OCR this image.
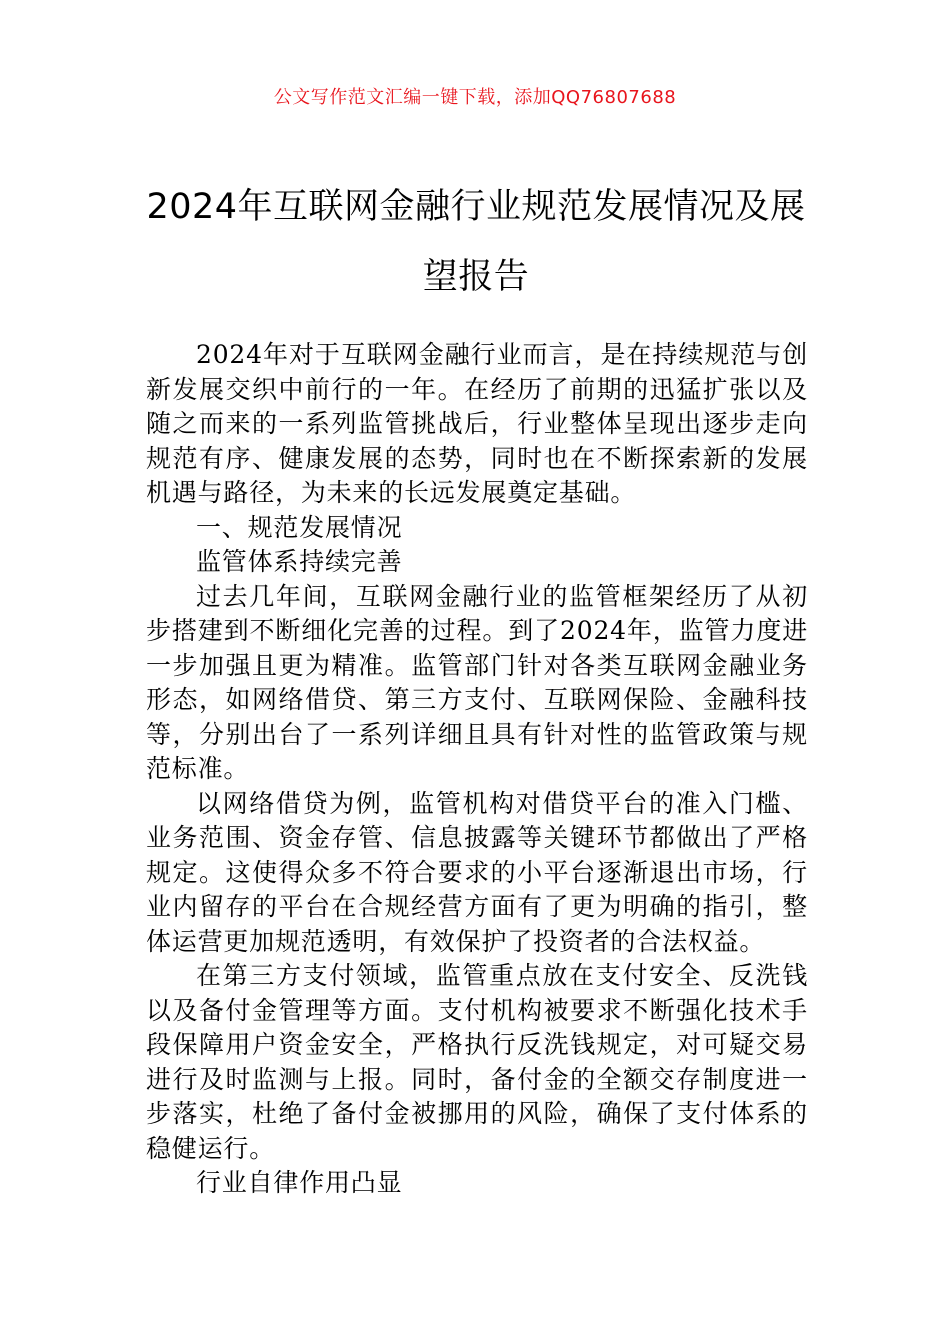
公文写作范文汇编一键下载，添加QQ76807688
2024年互联网金融行业规范发展情况及展
望报告

2024年对于互联网金融行业而言，是在持续规范与创新发展交织中前行的一年。在经历了前期的迅猛扩张以及随之而来的一系列监管挑战后，行业整体呈现出逐步走向规范有序、健康发展的态势，同时也在不断探索新的发展机遇与路径，为未来的长远发展奠定基础。

一、规范发展情况

监管体系持续完善

过去几年间，互联网金融行业的监管框架经历了从初步搭建到不断细化完善的过程。到了2024年，监管力度进一步加强且更为精准。监管部门针对各类互联网金融业务形态，如网络借贷、第三方支付、互联网保险、金融科技等，分别出台了一系列详细且具有针对性的监管政策与规范标准。

以网络借贷为例，监管机构对借贷平台的准入门槛、业务范围、资金存管、信息披露等关键环节都做出了严格规定。这使得众多不符合要求的小平台逐渐退出市场，行业内留存的平台在合规经营方面有了更为明确的指引，整体运营更加规范透明，有效保护了投资者的合法权益。

在第三方支付领域，监管重点放在支付安全、反洗钱以及备付金管理等方面。支付机构被要求不断强化技术手段保障用户资金安全，严格执行反洗钱规定，对可疑交易进行及时监测与上报。同时，备付金的全额交存制度进一步落实，杜绝了备付金被挪用的风险，确保了支付体系的稳健运行。

行业自律作用凸显
